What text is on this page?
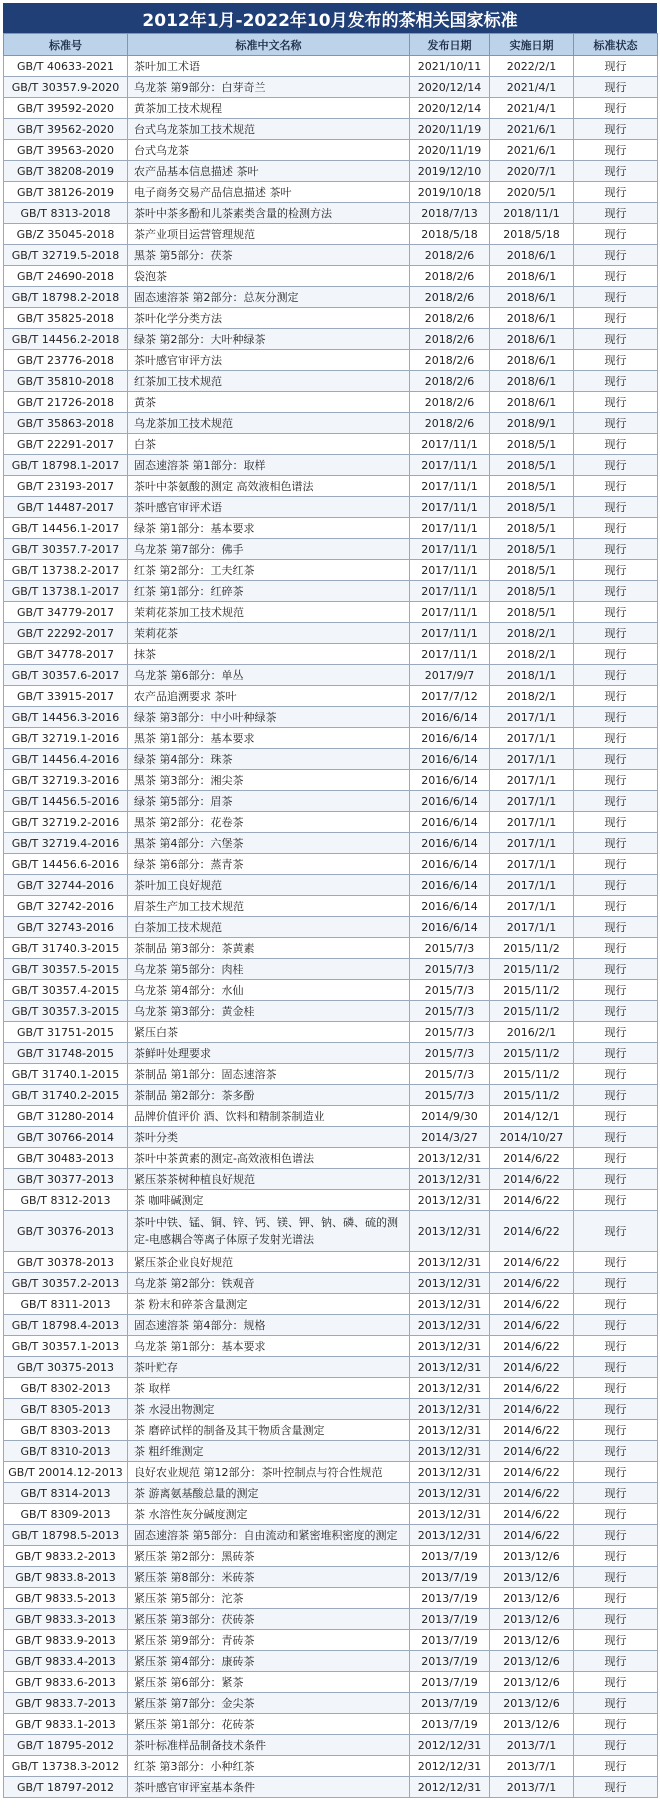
2012年1月-2022年10月发布的茶相关国家标准
标准号	标准中文名称	发布日期	实施日期	标准状态
GB/T 40633-2021	茶叶加工术语	2021/10/11	2022/2/1	现行
GB/T 30357.9-2020	乌龙茶 第9部分：白芽奇兰	2020/12/14	2021/4/1	现行
GB/T 39592-2020	黄茶加工技术规程	2020/12/14	2021/4/1	现行
GB/T 39562-2020	台式乌龙茶加工技术规范	2020/11/19	2021/6/1	现行
GB/T 39563-2020	台式乌龙茶	2020/11/19	2021/6/1	现行
GB/T 38208-2019	农产品基本信息描述 茶叶	2019/12/10	2020/7/1	现行
GB/T 38126-2019	电子商务交易产品信息描述 茶叶	2019/10/18	2020/5/1	现行
GB/T 8313-2018	茶叶中茶多酚和儿茶素类含量的检测方法	2018/7/13	2018/11/1	现行
GB/Z 35045-2018	茶产业项目运营管理规范	2018/5/18	2018/5/18	现行
GB/T 32719.5-2018	黑茶 第5部分：茯茶	2018/2/6	2018/6/1	现行
GB/T 24690-2018	袋泡茶	2018/2/6	2018/6/1	现行
GB/T 18798.2-2018	固态速溶茶 第2部分：总灰分测定	2018/2/6	2018/6/1	现行
GB/T 35825-2018	茶叶化学分类方法	2018/2/6	2018/6/1	现行
GB/T 14456.2-2018	绿茶 第2部分：大叶种绿茶	2018/2/6	2018/6/1	现行
GB/T 23776-2018	茶叶感官审评方法	2018/2/6	2018/6/1	现行
GB/T 35810-2018	红茶加工技术规范	2018/2/6	2018/6/1	现行
GB/T 21726-2018	黄茶	2018/2/6	2018/6/1	现行
GB/T 35863-2018	乌龙茶加工技术规范	2018/2/6	2018/9/1	现行
GB/T 22291-2017	白茶	2017/11/1	2018/5/1	现行
GB/T 18798.1-2017	固态速溶茶 第1部分：取样	2017/11/1	2018/5/1	现行
GB/T 23193-2017	茶叶中茶氨酸的测定 高效液相色谱法	2017/11/1	2018/5/1	现行
GB/T 14487-2017	茶叶感官审评术语	2017/11/1	2018/5/1	现行
GB/T 14456.1-2017	绿茶 第1部分：基本要求	2017/11/1	2018/5/1	现行
GB/T 30357.7-2017	乌龙茶 第7部分：佛手	2017/11/1	2018/5/1	现行
GB/T 13738.2-2017	红茶 第2部分：工夫红茶	2017/11/1	2018/5/1	现行
GB/T 13738.1-2017	红茶 第1部分：红碎茶	2017/11/1	2018/5/1	现行
GB/T 34779-2017	茉莉花茶加工技术规范	2017/11/1	2018/5/1	现行
GB/T 22292-2017	茉莉花茶	2017/11/1	2018/2/1	现行
GB/T 34778-2017	抹茶	2017/11/1	2018/2/1	现行
GB/T 30357.6-2017	乌龙茶 第6部分：单丛	2017/9/7	2018/1/1	现行
GB/T 33915-2017	农产品追溯要求 茶叶	2017/7/12	2018/2/1	现行
GB/T 14456.3-2016	绿茶 第3部分：中小叶种绿茶	2016/6/14	2017/1/1	现行
GB/T 32719.1-2016	黑茶 第1部分：基本要求	2016/6/14	2017/1/1	现行
GB/T 14456.4-2016	绿茶 第4部分：珠茶	2016/6/14	2017/1/1	现行
GB/T 32719.3-2016	黑茶 第3部分：湘尖茶	2016/6/14	2017/1/1	现行
GB/T 14456.5-2016	绿茶 第5部分：眉茶	2016/6/14	2017/1/1	现行
GB/T 32719.2-2016	黑茶 第2部分：花卷茶	2016/6/14	2017/1/1	现行
GB/T 32719.4-2016	黑茶 第4部分：六堡茶	2016/6/14	2017/1/1	现行
GB/T 14456.6-2016	绿茶 第6部分：蒸青茶	2016/6/14	2017/1/1	现行
GB/T 32744-2016	茶叶加工良好规范	2016/6/14	2017/1/1	现行
GB/T 32742-2016	眉茶生产加工技术规范	2016/6/14	2017/1/1	现行
GB/T 32743-2016	白茶加工技术规范	2016/6/14	2017/1/1	现行
GB/T 31740.3-2015	茶制品 第3部分：茶黄素	2015/7/3	2015/11/2	现行
GB/T 30357.5-2015	乌龙茶 第5部分：肉桂	2015/7/3	2015/11/2	现行
GB/T 30357.4-2015	乌龙茶 第4部分：水仙	2015/7/3	2015/11/2	现行
GB/T 30357.3-2015	乌龙茶 第3部分：黄金桂	2015/7/3	2015/11/2	现行
GB/T 31751-2015	紧压白茶	2015/7/3	2016/2/1	现行
GB/T 31748-2015	茶鲜叶处理要求	2015/7/3	2015/11/2	现行
GB/T 31740.1-2015	茶制品 第1部分：固态速溶茶	2015/7/3	2015/11/2	现行
GB/T 31740.2-2015	茶制品 第2部分：茶多酚	2015/7/3	2015/11/2	现行
GB/T 31280-2014	品牌价值评价 酒、饮料和精制茶制造业	2014/9/30	2014/12/1	现行
GB/T 30766-2014	茶叶分类	2014/3/27	2014/10/27	现行
GB/T 30483-2013	茶叶中茶黄素的测定-高效液相色谱法	2013/12/31	2014/6/22	现行
GB/T 30377-2013	紧压茶茶树种植良好规范	2013/12/31	2014/6/22	现行
GB/T 8312-2013	茶 咖啡碱测定	2013/12/31	2014/6/22	现行
GB/T 30376-2013	茶叶中铁、锰、铜、锌、钙、镁、钾、钠、磷、硫的测定-电感耦合等离子体原子发射光谱法	2013/12/31	2014/6/22	现行
GB/T 30378-2013	紧压茶企业良好规范	2013/12/31	2014/6/22	现行
GB/T 30357.2-2013	乌龙茶 第2部分：铁观音	2013/12/31	2014/6/22	现行
GB/T 8311-2013	茶 粉末和碎茶含量测定	2013/12/31	2014/6/22	现行
GB/T 18798.4-2013	固态速溶茶 第4部分：规格	2013/12/31	2014/6/22	现行
GB/T 30357.1-2013	乌龙茶 第1部分：基本要求	2013/12/31	2014/6/22	现行
GB/T 30375-2013	茶叶贮存	2013/12/31	2014/6/22	现行
GB/T 8302-2013	茶 取样	2013/12/31	2014/6/22	现行
GB/T 8305-2013	茶 水浸出物测定	2013/12/31	2014/6/22	现行
GB/T 8303-2013	茶 磨碎试样的制备及其干物质含量测定	2013/12/31	2014/6/22	现行
GB/T 8310-2013	茶 粗纤维测定	2013/12/31	2014/6/22	现行
GB/T 20014.12-2013	良好农业规范 第12部分：茶叶控制点与符合性规范	2013/12/31	2014/6/22	现行
GB/T 8314-2013	茶 游离氨基酸总量的测定	2013/12/31	2014/6/22	现行
GB/T 8309-2013	茶 水溶性灰分碱度测定	2013/12/31	2014/6/22	现行
GB/T 18798.5-2013	固态速溶茶 第5部分：自由流动和紧密堆积密度的测定	2013/12/31	2014/6/22	现行
GB/T 9833.2-2013	紧压茶 第2部分：黑砖茶	2013/7/19	2013/12/6	现行
GB/T 9833.8-2013	紧压茶 第8部分：米砖茶	2013/7/19	2013/12/6	现行
GB/T 9833.5-2013	紧压茶 第5部分：沱茶	2013/7/19	2013/12/6	现行
GB/T 9833.3-2013	紧压茶 第3部分：茯砖茶	2013/7/19	2013/12/6	现行
GB/T 9833.9-2013	紧压茶 第9部分：青砖茶	2013/7/19	2013/12/6	现行
GB/T 9833.4-2013	紧压茶 第4部分：康砖茶	2013/7/19	2013/12/6	现行
GB/T 9833.6-2013	紧压茶 第6部分：紧茶	2013/7/19	2013/12/6	现行
GB/T 9833.7-2013	紧压茶 第7部分：金尖茶	2013/7/19	2013/12/6	现行
GB/T 9833.1-2013	紧压茶 第1部分：花砖茶	2013/7/19	2013/12/6	现行
GB/T 18795-2012	茶叶标准样品制备技术条件	2012/12/31	2013/7/1	现行
GB/T 13738.3-2012	红茶 第3部分：小种红茶	2012/12/31	2013/7/1	现行
GB/T 18797-2012	茶叶感官审评室基本条件	2012/12/31	2013/7/1	现行
